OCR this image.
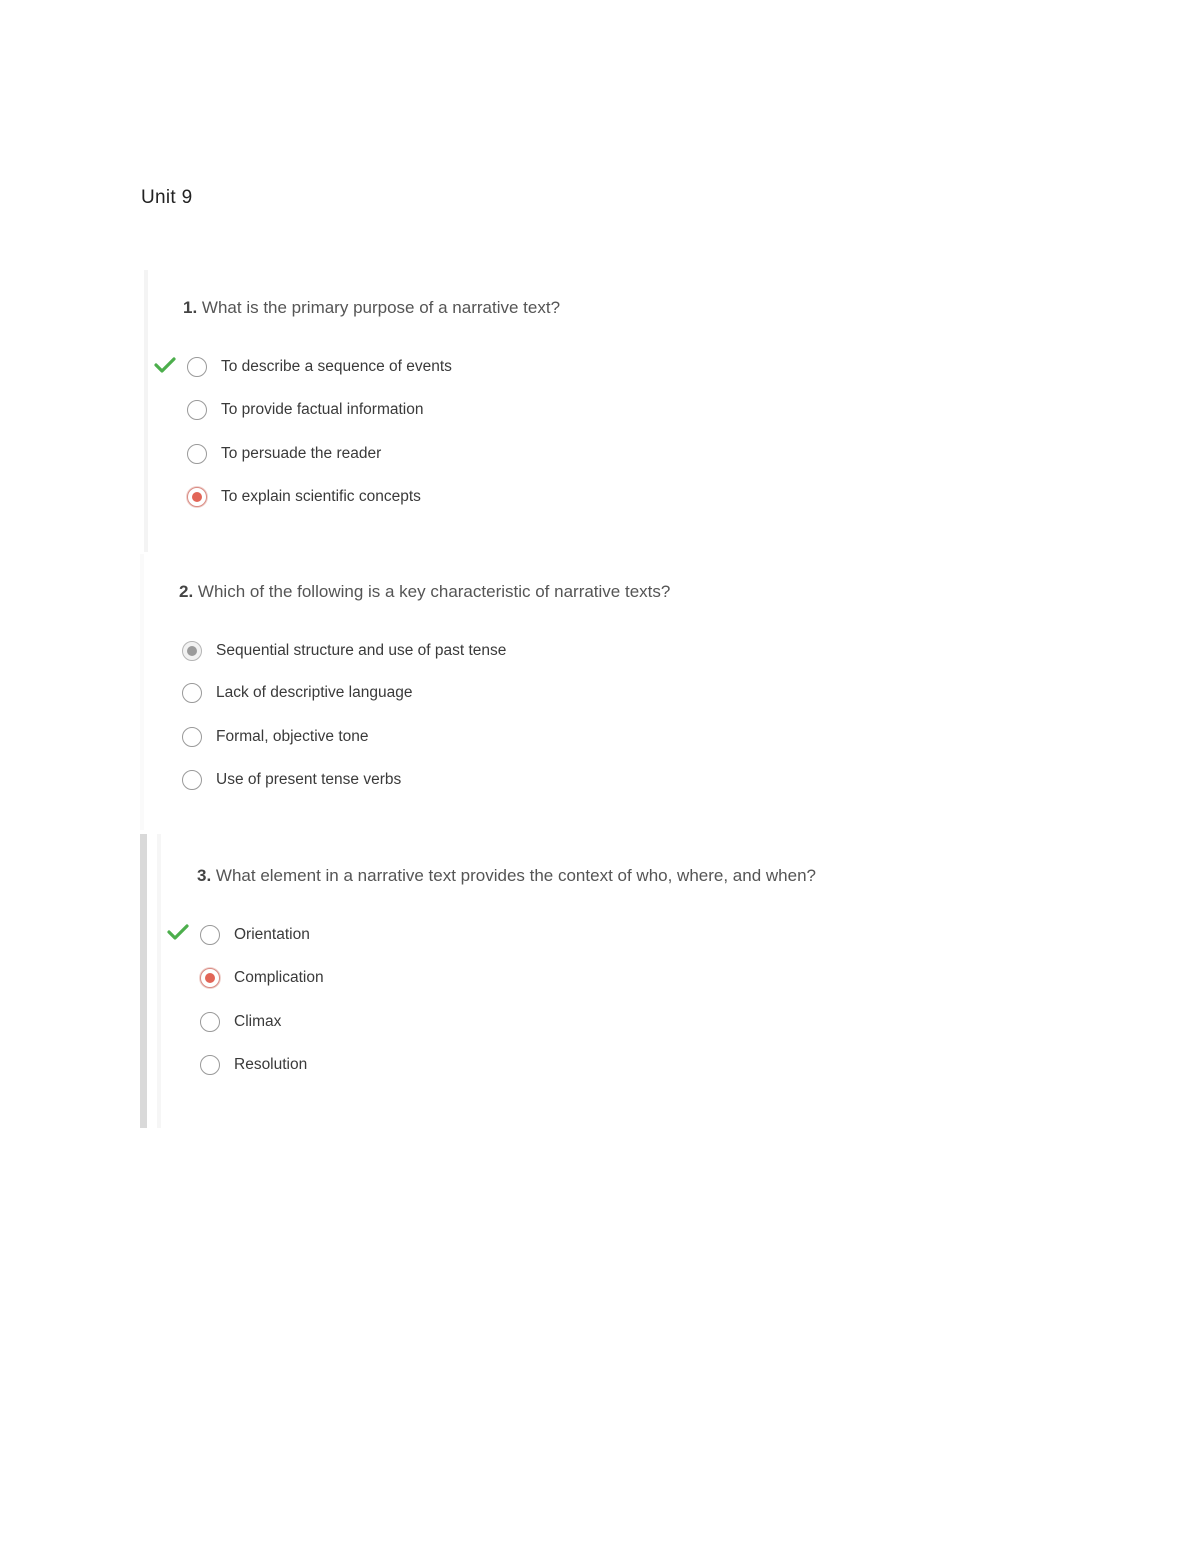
Unit 9
1. What is the primary purpose of a narrative text?
To describe a sequence of events
To provide factual information
To persuade the reader
To explain scientific concepts
2. Which of the following is a key characteristic of narrative texts?
Sequential structure and use of past tense
Lack of descriptive language
Formal, objective tone
Use of present tense verbs
3. What element in a narrative text provides the context of who, where, and when?
Orientation
Complication
Climax
Resolution
